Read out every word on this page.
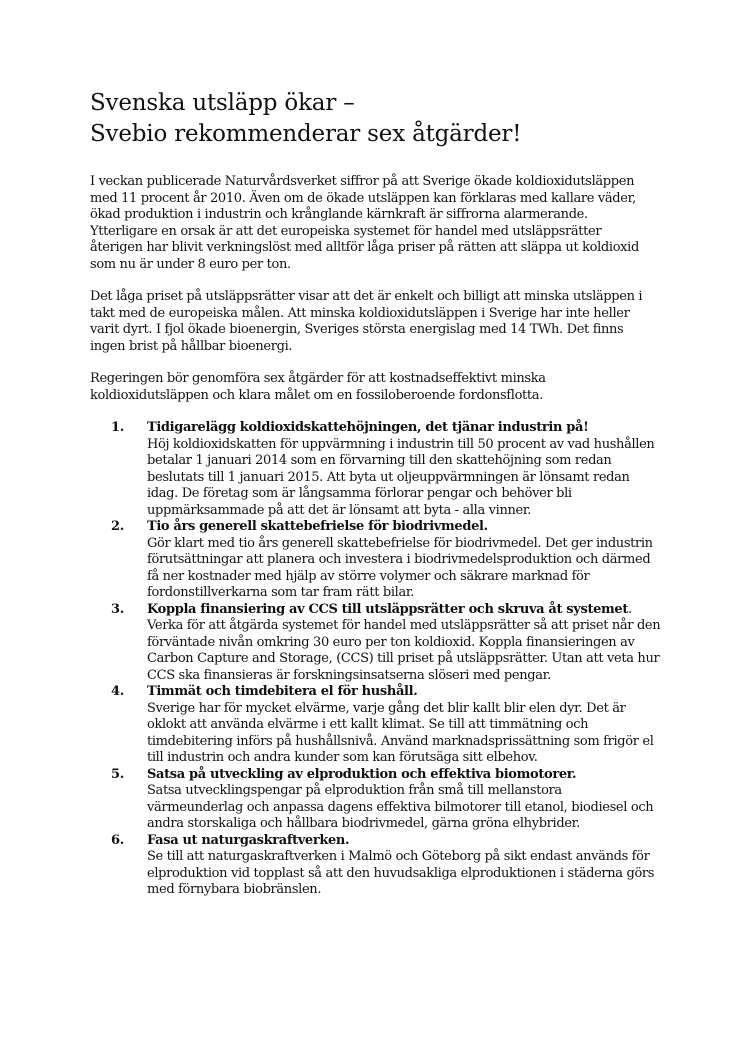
Svenska utsläpp ökar –
Svebio rekommenderar sex åtgärder!

I veckan publicerade Naturvårdsverket siffror på att Sverige ökade koldioxidutsläppen
med 11 procent år 2010. Även om de ökade utsläppen kan förklaras med kallare väder,
ökad produktion i industrin och krånglande kärnkraft är siffrorna alarmerande.
Ytterligare en orsak är att det europeiska systemet för handel med utsläppsrätter
återigen har blivit verkningslöst med alltför låga priser på rätten att släppa ut koldioxid
som nu är under 8 euro per ton.

Det låga priset på utsläppsrätter visar att det är enkelt och billigt att minska utsläppen i
takt med de europeiska målen. Att minska koldioxidutsläppen i Sverige har inte heller
varit dyrt. I fjol ökade bioenergin, Sveriges största energislag med 14 TWh. Det finns
ingen brist på hållbar bioenergi.

Regeringen bör genomföra sex åtgärder för att kostnadseffektivt minska
koldioxidutsläppen och klara målet om en fossiloberoende fordonsflotta.

1.	Tidigarelägg koldioxidskattehöjningen, det tjänar industrin på!
Höj koldioxidskatten för uppvärmning i industrin till 50 procent av vad hushållen
betalar 1 januari 2014 som en förvarning till den skattehöjning som redan
beslutats till 1 januari 2015. Att byta ut oljeuppvärmningen är lönsamt redan
idag. De företag som är långsamma förlorar pengar och behöver bli
uppmärksammade på att det är lönsamt att byta - alla vinner.
2.	Tio års generell skattebefrielse för biodrivmedel.
Gör klart med tio års generell skattebefrielse för biodrivmedel. Det ger industrin
förutsättningar att planera och investera i biodrivmedelsproduktion och därmed
få ner kostnader med hjälp av större volymer och säkrare marknad för
fordonstillverkarna som tar fram rätt bilar.
3.	Koppla finansiering av CCS till utsläppsrätter och skruva åt systemet.
Verka för att åtgärda systemet för handel med utsläppsrätter så att priset når den
förväntade nivån omkring 30 euro per ton koldioxid. Koppla finansieringen av
Carbon Capture and Storage, (CCS) till priset på utsläppsrätter. Utan att veta hur
CCS ska finansieras är forskningsinsatserna slöseri med pengar.
4.	Timmät och timdebitera el för hushåll.
Sverige har för mycket elvärme, varje gång det blir kallt blir elen dyr. Det är
oklokt att använda elvärme i ett kallt klimat. Se till att timmätning och
timdebitering införs på hushållsnivå. Använd marknadsprissättning som frigör el
till industrin och andra kunder som kan förutsäga sitt elbehov.
5.	Satsa på utveckling av elproduktion och effektiva biomotorer.
Satsa utvecklingspengar på elproduktion från små till mellanstora
värmeunderlag och anpassa dagens effektiva bilmotorer till etanol, biodiesel och
andra storskaliga och hållbara biodrivmedel, gärna gröna elhybrider.
6.	Fasa ut naturgaskraftverken.
Se till att naturgaskraftverken i Malmö och Göteborg på sikt endast används för
elproduktion vid topplast så att den huvudsakliga elproduktionen i städerna görs
med förnybara biobränslen.
